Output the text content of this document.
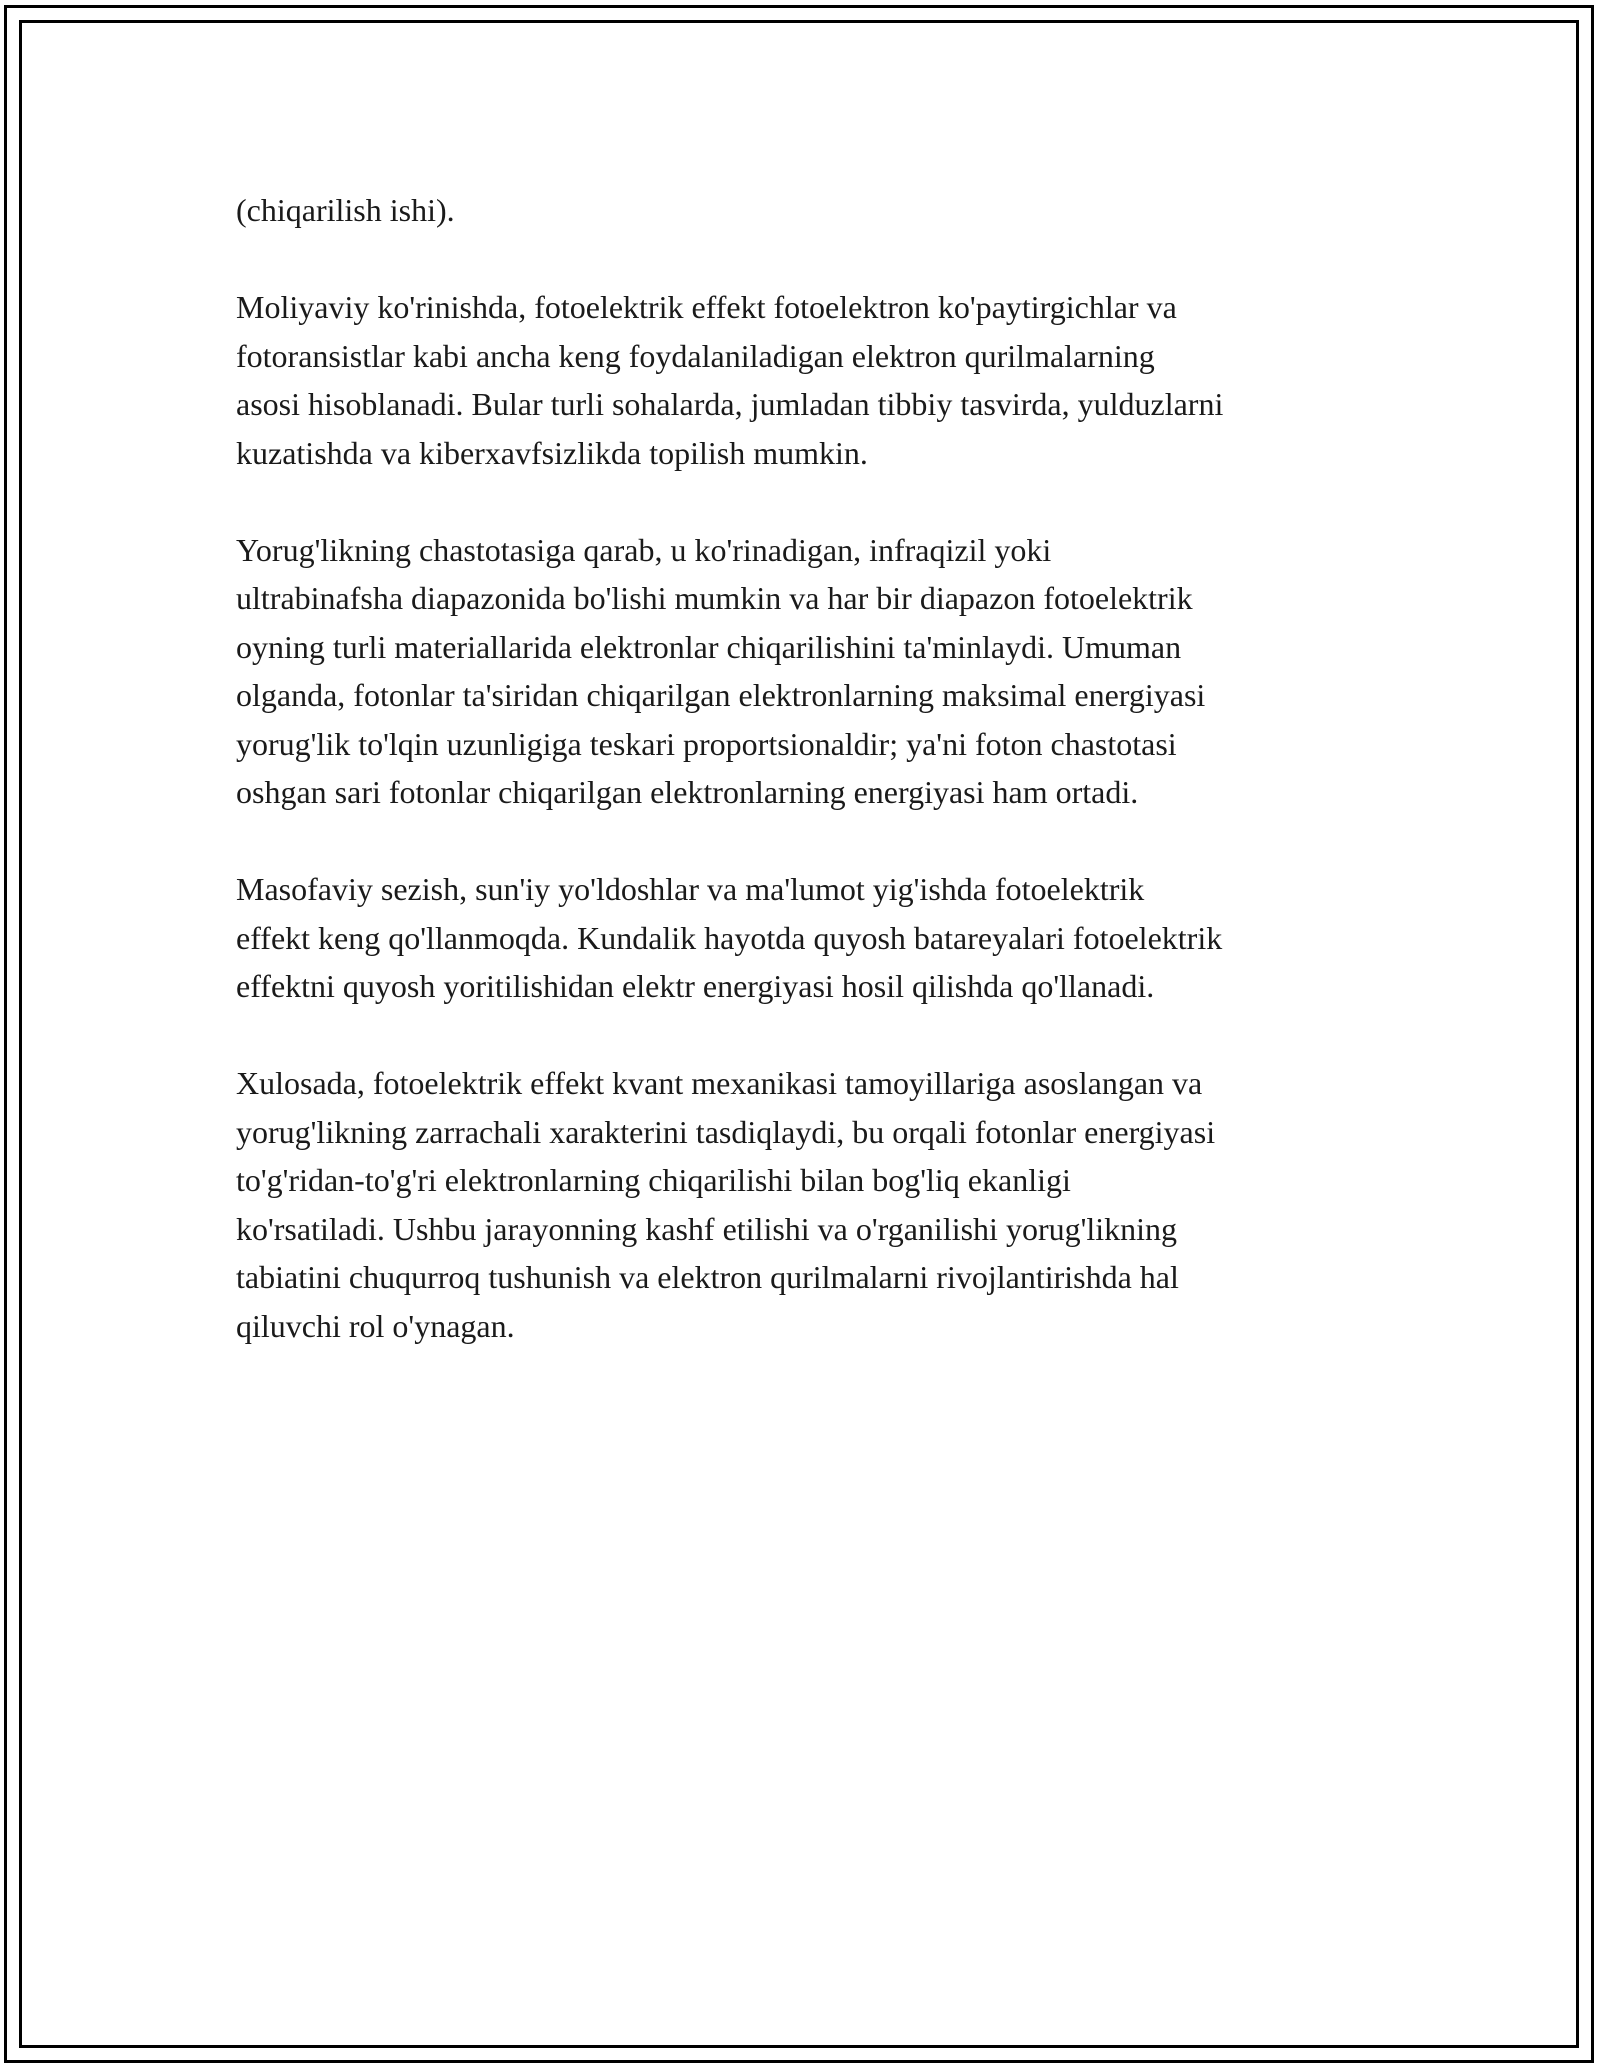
(chiqarilish ishi).

Moliyaviy ko'rinishda, fotoelektrik effekt fotoelektron ko'paytirgichlar va
fotoransistlar kabi ancha keng foydalaniladigan elektron qurilmalarning
asosi hisoblanadi. Bular turli sohalarda, jumladan tibbiy tasvirda, yulduzlarni
kuzatishda va kiberxavfsizlikda topilish mumkin.

Yorug'likning chastotasiga qarab, u ko'rinadigan, infraqizil yoki
ultrabinafsha diapazonida bo'lishi mumkin va har bir diapazon fotoelektrik
oyning turli materiallarida elektronlar chiqarilishini ta'minlaydi. Umuman
olganda, fotonlar ta'siridan chiqarilgan elektronlarning maksimal energiyasi
yorug'lik to'lqin uzunligiga teskari proportsionaldir; ya'ni foton chastotasi
oshgan sari fotonlar chiqarilgan elektronlarning energiyasi ham ortadi.

Masofaviy sezish, sun'iy yo'ldoshlar va ma'lumot yig'ishda fotoelektrik
effekt keng qo'llanmoqda. Kundalik hayotda quyosh batareyalari fotoelektrik
effektni quyosh yoritilishidan elektr energiyasi hosil qilishda qo'llanadi.

Xulosada, fotoelektrik effekt kvant mexanikasi tamoyillariga asoslangan va
yorug'likning zarrachali xarakterini tasdiqlaydi, bu orqali fotonlar energiyasi
to'g'ridan-to'g'ri elektronlarning chiqarilishi bilan bog'liq ekanligi
ko'rsatiladi. Ushbu jarayonning kashf etilishi va o'rganilishi yorug'likning
tabiatini chuqurroq tushunish va elektron qurilmalarni rivojlantirishda hal
qiluvchi rol o'ynagan.
